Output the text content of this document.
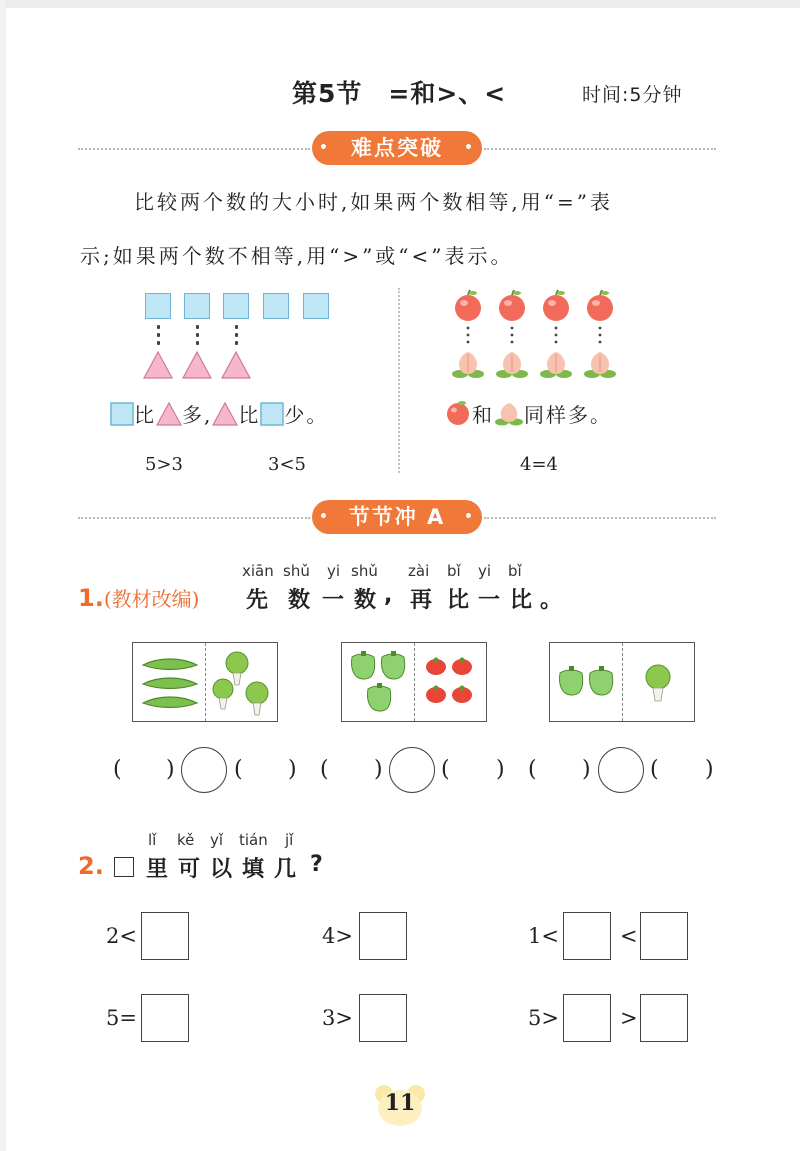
第5节　=和>、<	时间:5分钟
• 难点突破 •
比较两个数的大小时,如果两个数相等,用“=”表
示;如果两个数不相等,用“>”或“<”表示。
比 多, 比 少。
5>3	3<5
和 同样多。
4=4
• 节节冲 A •
xiān shǔ yi shǔ zài bǐ yi bǐ
1.(教材改编) 先 数 一 数 , 再 比 一 比 。
( )	( ) ( )	( ) ( )	( )
lǐ kě yǐ tián jǐ
2. 里可以填几 ?
2<	4>	1<	<
5=	3>	5>	>
11
